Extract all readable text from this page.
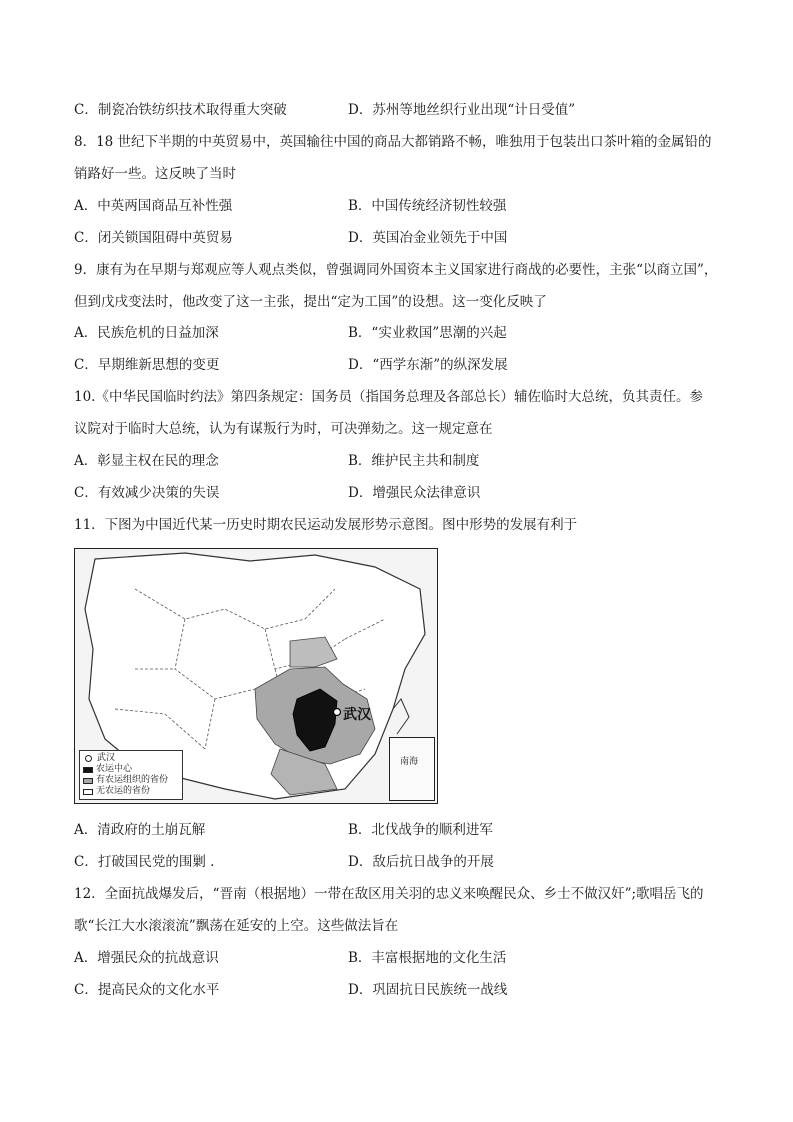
C．制瓷冶铁纺织技术取得重大突破	D．苏州等地丝织行业出现“计日受值”
8．18 世纪下半期的中英贸易中，英国输往中国的商品大都销路不畅，唯独用于包装出口茶叶箱的金属铅的
销路好一些。这反映了当时
A．中英两国商品互补性强	B．中国传统经济韧性较强
C．闭关锁国阻碍中英贸易	D．英国冶金业领先于中国
9．康有为在早期与郑观应等人观点类似，曾强调同外国资本主义国家进行商战的必要性，主张“以商立国”，
但到戊戌变法时，他改变了这一主张，提出“定为工国”的设想。这一变化反映了
A．民族危机的日益加深	B．“实业救国”思潮的兴起
C．早期维新思想的变更	D．“西学东渐”的纵深发展
10.《中华民国临时约法》第四条规定：国务员（指国务总理及各部总长）辅佐临时大总统，负其责任。参
议院对于临时大总统，认为有谋叛行为时，可决弹劾之。这一规定意在
A．彰显主权在民的理念	B．维护民主共和制度
C．有效减少决策的失误	D．增强民众法律意识
11．下图为中国近代某一历史时期农民运动发展形势示意图。图中形势的发展有利于
武汉
南海
武汉
农运中心
有农运组织的省份
无农运的省份
A．清政府的土崩瓦解	B．北伐战争的顺利进军
C．打破国民党的围剿 .	D．敌后抗日战争的开展
12．全面抗战爆发后，“晋南（根据地）一带在敌区用关羽的忠义来唤醒民众、乡士不做汉奸”;歌唱岳飞的
歌“长江大水滚滚流”飘荡在延安的上空。这些做法旨在
A．增强民众的抗战意识	B．丰富根据地的文化生活
C．提高民众的文化水平	D．巩固抗日民族统一战线
